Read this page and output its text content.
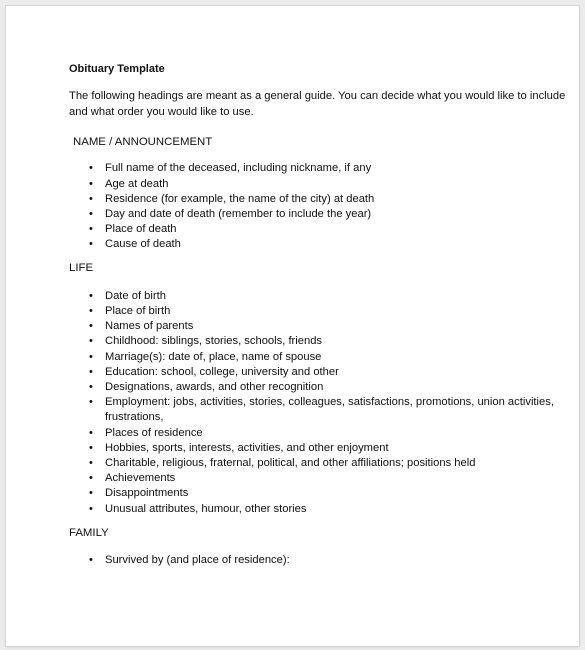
Obituary Template
The following headings are meant as a general guide. You can decide what you would like to include and what order you would like to use.
NAME / ANNOUNCEMENT
• Full name of the deceased, including nickname, if any
• Age at death
• Residence (for example, the name of the city) at death
• Day and date of death (remember to include the year)
• Place of death
• Cause of death
LIFE
• Date of birth
• Place of birth
• Names of parents
• Childhood: siblings, stories, schools, friends
• Marriage(s): date of, place, name of spouse
• Education: school, college, university and other
• Designations, awards, and other recognition
• Employment: jobs, activities, stories, colleagues, satisfactions, promotions, union activities, frustrations,
• Places of residence
• Hobbies, sports, interests, activities, and other enjoyment
• Charitable, religious, fraternal, political, and other affiliations; positions held
• Achievements
• Disappointments
• Unusual attributes, humour, other stories
FAMILY
• Survived by (and place of residence):
